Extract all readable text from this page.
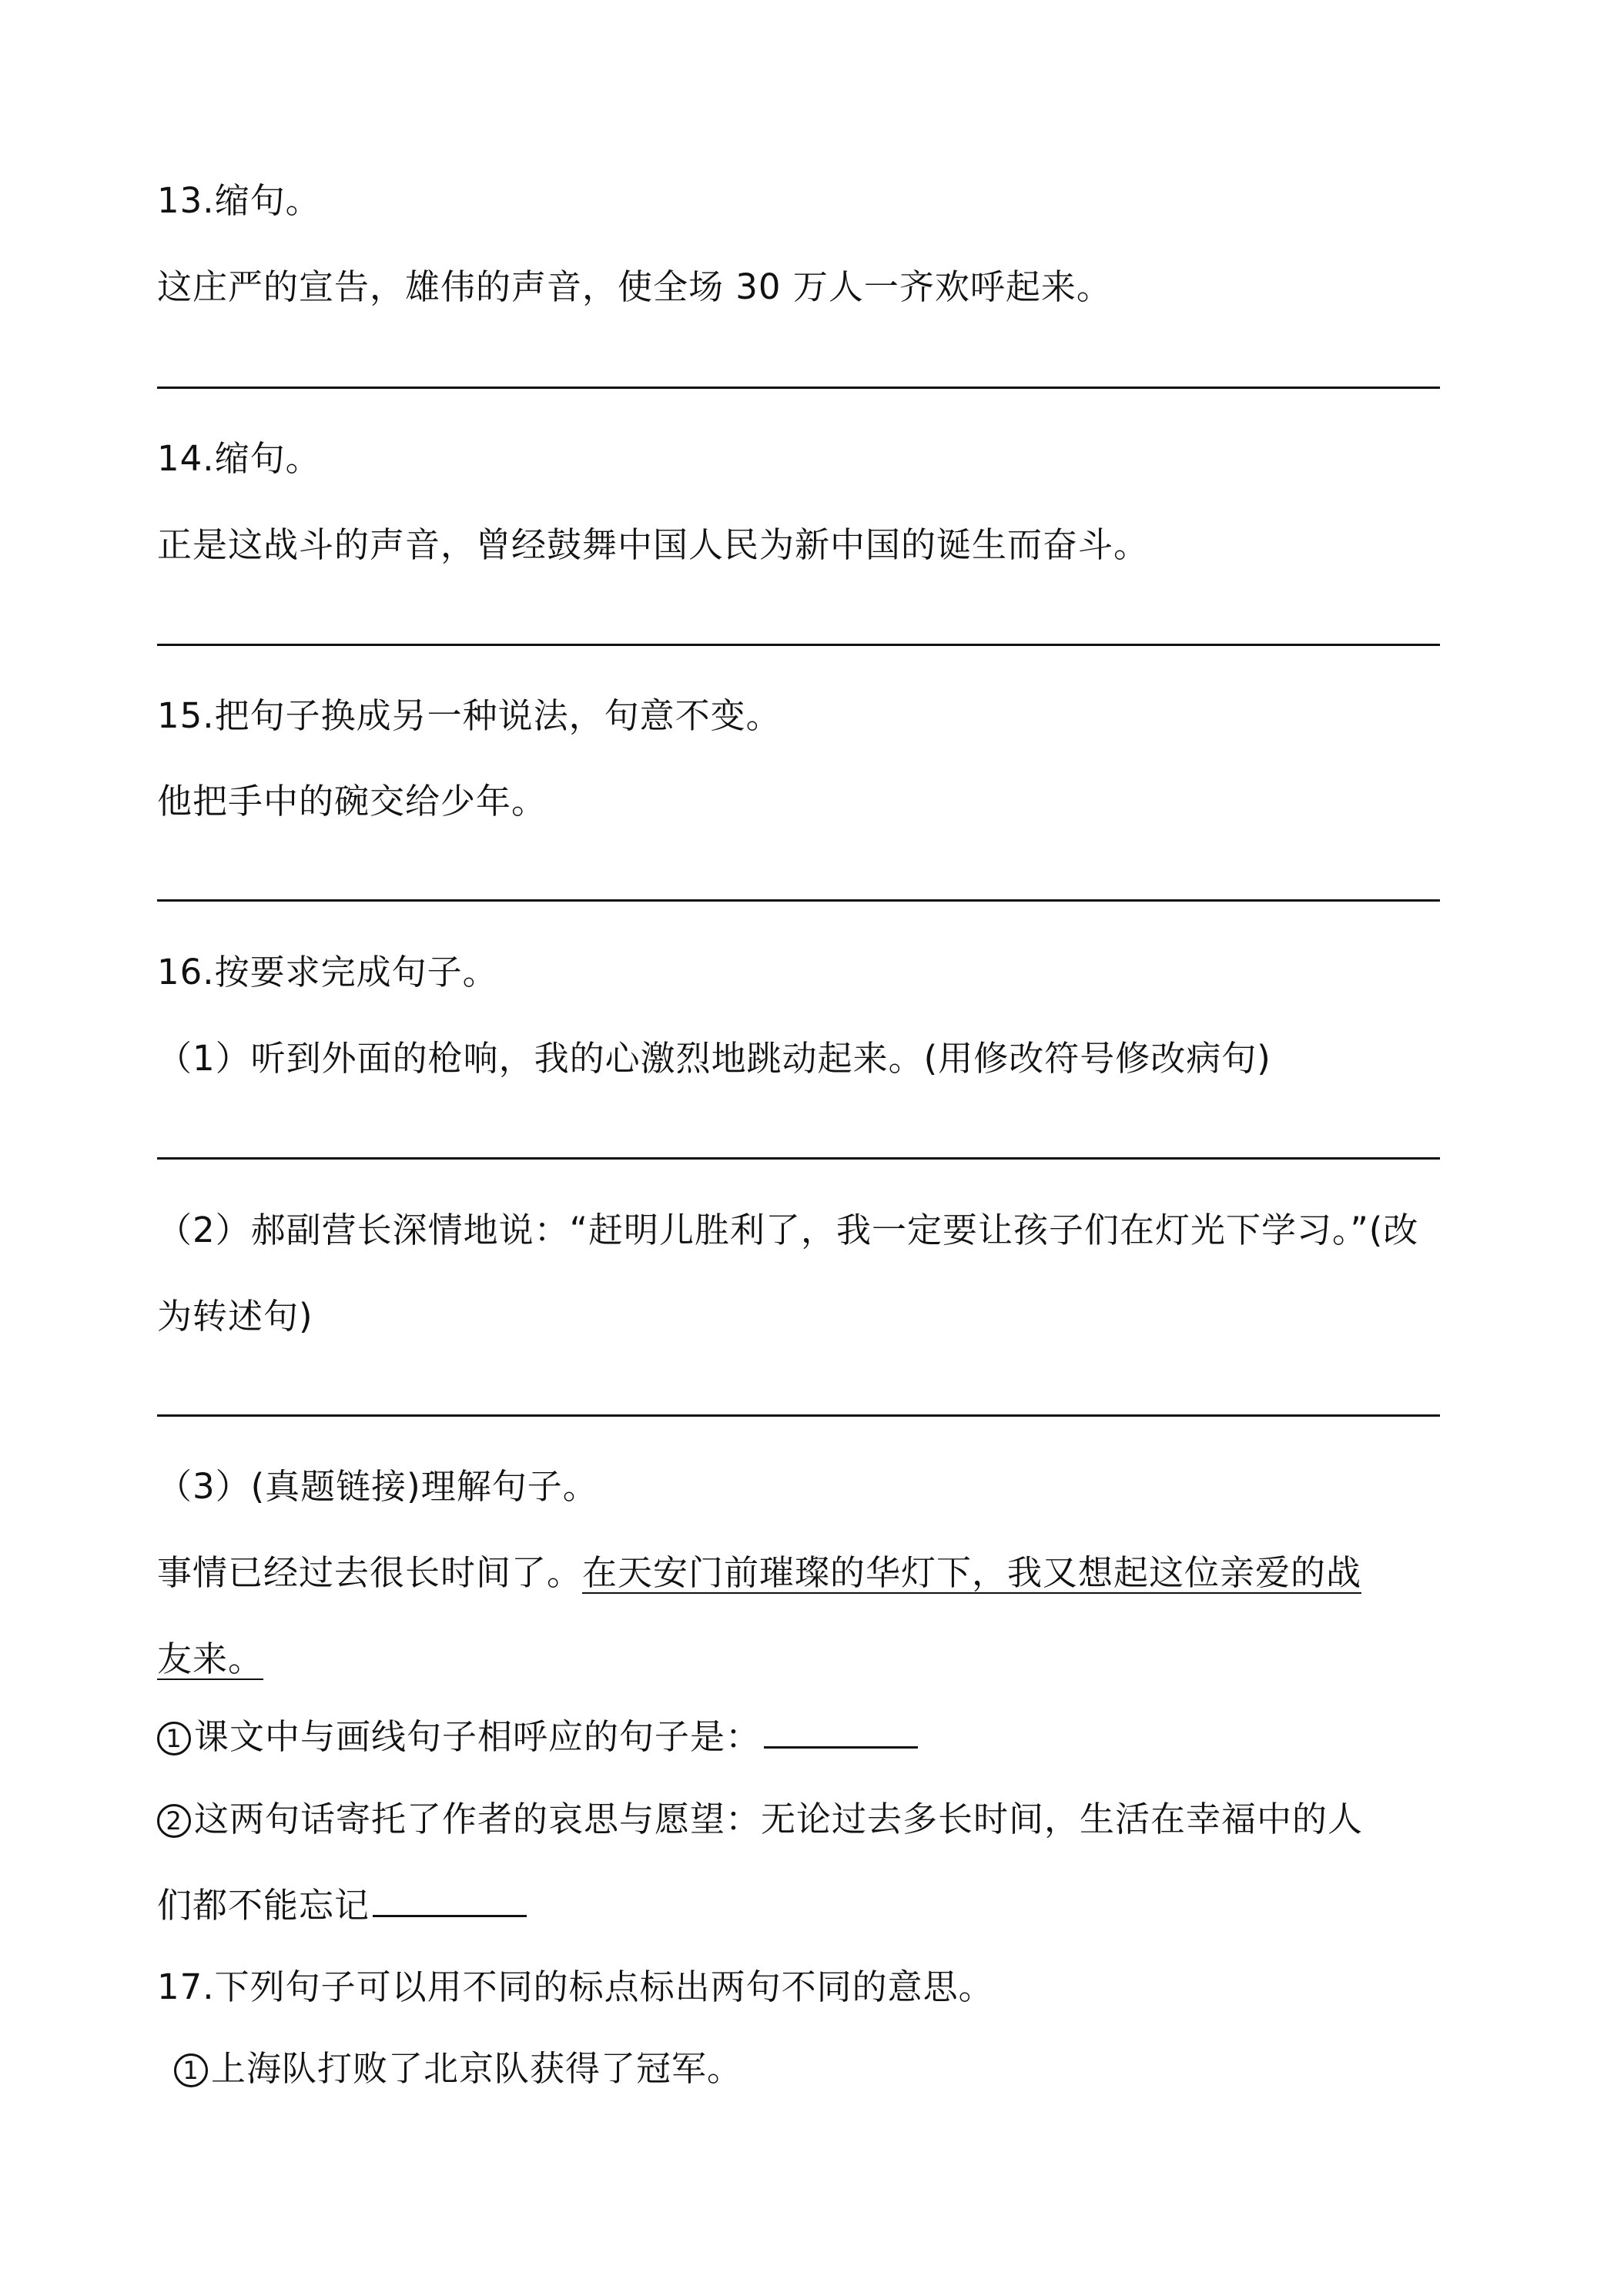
13.缩句。

这庄严的宣告，雄伟的声音，使全场 30 万人一齐欢呼起来。

14.缩句。

正是这战斗的声音，曾经鼓舞中国人民为新中国的诞生而奋斗。

15.把句子换成另一种说法，句意不变。

他把手中的碗交给少年。

16.按要求完成句子。

（1）听到外面的枪响，我的心激烈地跳动起来。(用修改符号修改病句)

（2）郝副营长深情地说：“赶明儿胜利了，我一定要让孩子们在灯光下学习。”(改

为转述句)

（3）(真题链接)理解句子。

事情已经过去很长时间了。在天安门前璀璨的华灯下，我又想起这位亲爱的战

友来。

1 课文中与画线句子相呼应的句子是：

2 这两句话寄托了作者的哀思与愿望：无论过去多长时间，生活在幸福中的人

们都不能忘记

17.下列句子可以用不同的标点标出两句不同的意思。

1 上海队打败了北京队获得了冠军。
